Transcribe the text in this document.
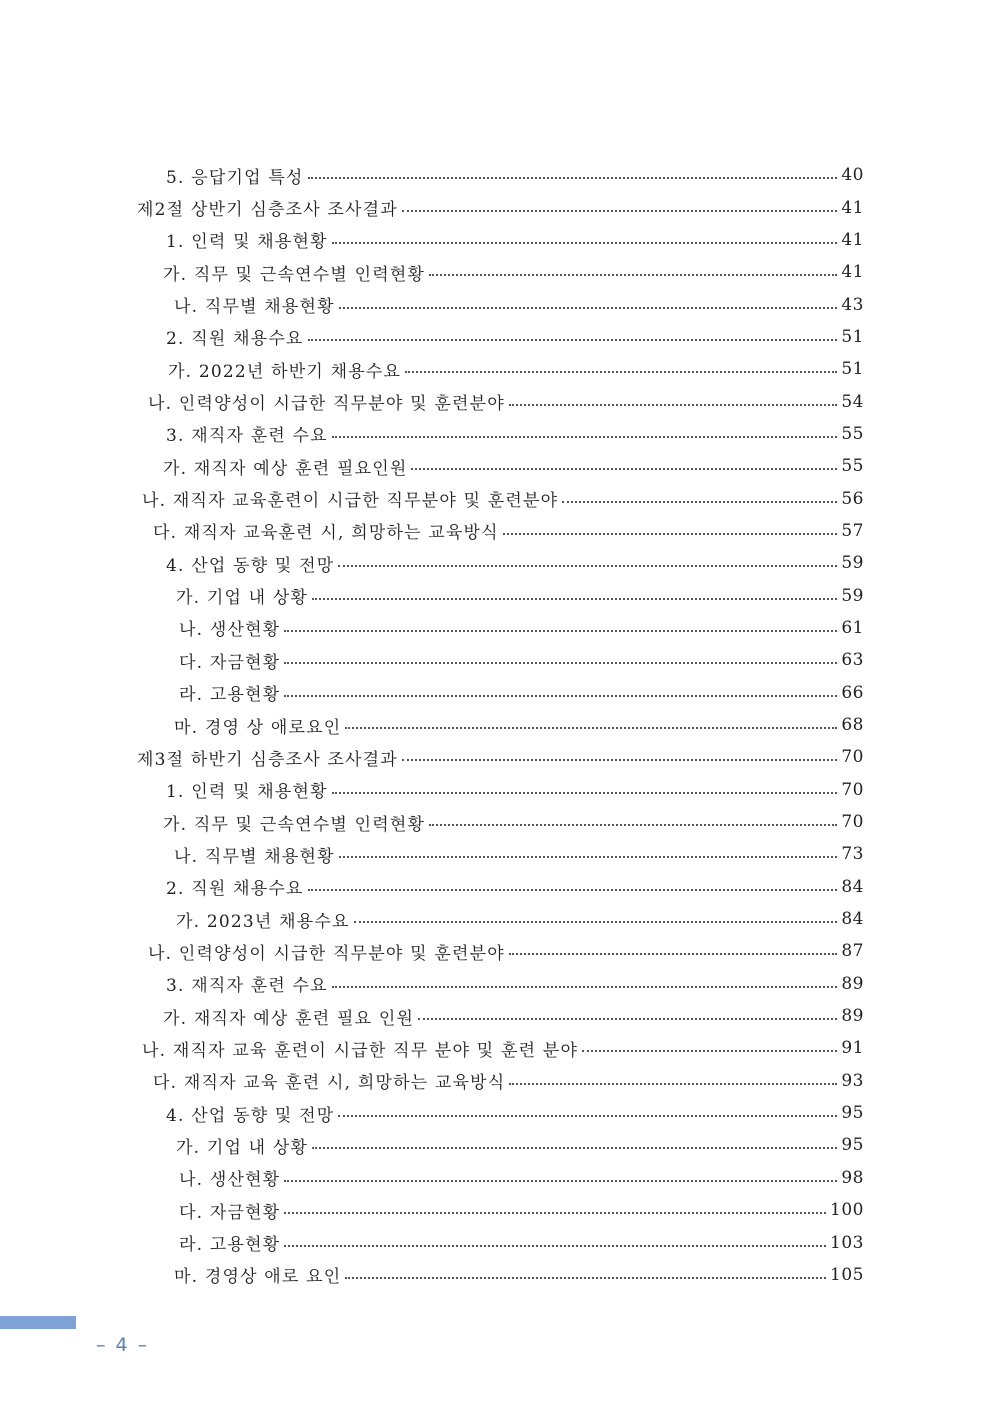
5. 응답기업 특성	40
제2절 상반기 심층조사 조사결과	41
1. 인력 및 채용현황	41
가. 직무 및 근속연수별 인력현황	41
나. 직무별 채용현황	43
2. 직원 채용수요	51
가. 2022년 하반기 채용수요	51
나. 인력양성이 시급한 직무분야 및 훈련분야	54
3. 재직자 훈련 수요	55
가. 재직자 예상 훈련 필요인원	55
나. 재직자 교육훈련이 시급한 직무분야 및 훈련분야	56
다. 재직자 교육훈련 시, 희망하는 교육방식	57
4. 산업 동향 및 전망	59
가. 기업 내 상황	59
나. 생산현황	61
다. 자금현황	63
라. 고용현황	66
마. 경영 상 애로요인	68
제3절 하반기 심층조사 조사결과	70
1. 인력 및 채용현황	70
가. 직무 및 근속연수별 인력현황	70
나. 직무별 채용현황	73
2. 직원 채용수요	84
가. 2023년 채용수요	84
나. 인력양성이 시급한 직무분야 및 훈련분야	87
3. 재직자 훈련 수요	89
가. 재직자 예상 훈련 필요 인원	89
나. 재직자 교육 훈련이 시급한 직무 분야 및 훈련 분야	91
다. 재직자 교육 훈련 시, 희망하는 교육방식	93
4. 산업 동향 및 전망	95
가. 기업 내 상황	95
나. 생산현황	98
다. 자금현황	100
라. 고용현황	103
마. 경영상 애로 요인	105
– 4 –
